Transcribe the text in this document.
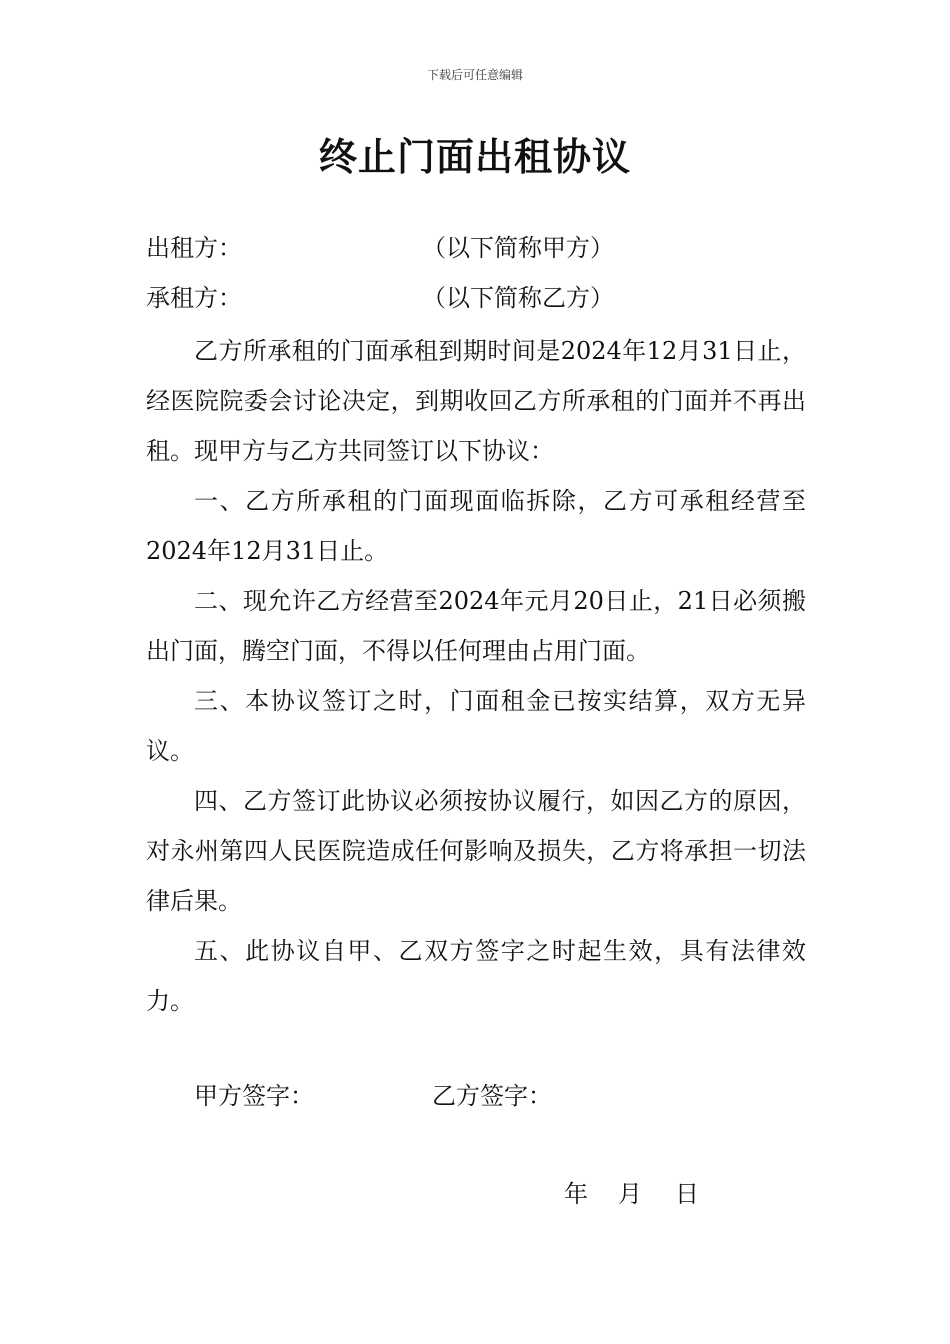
下载后可任意编辑
终止门面出租协议
出租方：	（以下简称甲方）
承租方：	（以下简称乙方）

乙方所承租的门面承租到期时间是2024年12月31日止，经医院院委会讨论决定，到期收回乙方所承租的门面并不再出租。现甲方与乙方共同签订以下协议：

一、乙方所承租的门面现面临拆除，乙方可承租经营至2024年12月31日止。

二、现允许乙方经营至2024年元月20日止，21日必须搬出门面，腾空门面，不得以任何理由占用门面。

三、本协议签订之时，门面租金已按实结算，双方无异议。

四、乙方签订此协议必须按协议履行，如因乙方的原因，对永州第四人民医院造成任何影响及损失，乙方将承担一切法律后果。

五、此协议自甲、乙双方签字之时起生效，具有法律效力。

甲方签字：	乙方签字：
年 月 日
